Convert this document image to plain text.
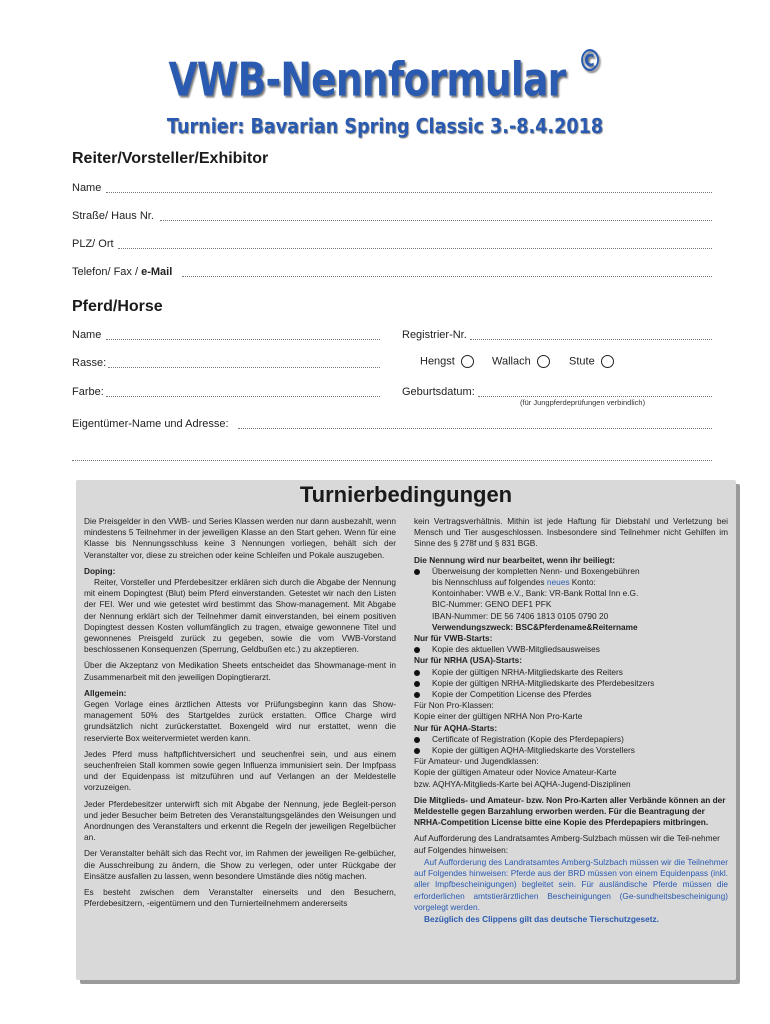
VWB-Nennformular ©
Turnier: Bavarian Spring Classic 3.-8.4.2018
Reiter/Vorsteller/Exhibitor
Name
Straße/ Haus Nr.
PLZ/ Ort
Telefon/ Fax / e-Mail
Pferd/Horse
Name	Registrier-Nr.
Rasse:	Hengst	Wallach	Stute
Farbe:	Geburtsdatum:
(für Jungpferdeprüfungen verbindlich)
Eigentümer-Name und Adresse:
Turnierbedingungen

Die Preisgelder in den VWB- und Series Klassen werden nur dann ausbezahlt, wenn mindestens 5 Teilnehmer in der jeweiligen Klasse an den Start gehen. Wenn für eine Klasse bis Nennungsschluss keine 3 Nennungen vorliegen, behält sich der Veranstalter vor, diese zu streichen oder keine Schleifen und Pokale auszugeben.

Doping:

Reiter, Vorsteller und Pferdebesitzer erklären sich durch die Abgabe der Nennung mit einem Dopingtest (Blut) beim Pferd einverstanden. Getestet wir nach den Listen der FEI. Wer und wie getestet wird bestimmt das Show-management. Mit Abgabe der Nennung erklärt sich der Teilnehmer damit einverstanden, bei einem positiven Dopingtest dessen Kosten vollumfänglich zu tragen, etwaige gewonnene Titel und gewonnenes Preisgeld zurück zu gegeben, sowie die vom VWB-Vorstand beschlossenen Konsequenzen (Sperrung, Geldbußen etc.) zu akzeptieren.

Über die Akzeptanz von Medikation Sheets entscheidet das Showmanage-ment in Zusammenarbeit mit den jeweiligen Dopingtierarzt.

Allgemein:

Gegen Vorlage eines ärztlichen Attests vor Prüfungsbeginn kann das Show-management 50% des Startgeldes zurück erstatten. Office Charge wird grundsätzlich nicht zurückerstattet. Boxengeld wird nur erstattet, wenn die reservierte Box weitervermietet werden kann.

Jedes Pferd muss haftpflichtversichert und seuchenfrei sein, und aus einem seuchenfreien Stall kommen sowie gegen Influenza immunisiert sein. Der Impfpass und der Equidenpass ist mitzuführen und auf Verlangen an der Meldestelle vorzuzeigen.

Jeder Pferdebesitzer unterwirft sich mit Abgabe der Nennung, jede Begleit-person und jeder Besucher beim Betreten des Veranstaltungsgeländes den Weisungen und Anordnungen des Veranstalters und erkennt die Regeln der jeweiligen Regelbücher an.

Der Veranstalter behält sich das Recht vor, im Rahmen der jeweiligen Re-gelbücher, die Ausschreibung zu ändern, die Show zu verlegen, oder unter Rückgabe der Einsätze ausfallen zu lassen, wenn besondere Umstände dies nötig machen.

Es besteht zwischen dem Veranstalter einerseits und den Besuchern, Pferdebesitzern, -eigentümern und den Turnierteilnehmern andererseits

kein Vertragsverhältnis. Mithin ist jede Haftung für Diebstahl und Verletzung bei Mensch und Tier ausgeschlossen. Insbesondere sind Teilnehmer nicht Gehilfen im Sinne des § 278f und § 831 BGB.

Die Nennung wird nur bearbeitet, wenn ihr beiliegt:
Überweisung der kompletten Nenn- und Boxengebühren
bis Nennschluss auf folgendes neues Konto:
Kontoinhaber: VWB e.V., Bank: VR-Bank Rottal Inn e.G.
BIC-Nummer: GENO DEF1 PFK
IBAN-Nummer: DE 56 7406 1813 0105 0790 20
Verwendungszweck: BSC&Pferdename&Reitername
Nur für VWB-Starts:
Kopie des aktuellen VWB-Mitgliedsausweises
Nur für NRHA (USA)-Starts:
Kopie der gültigen NRHA-Mitgliedskarte des Reiters
Kopie der gültigen NRHA-Mitgliedskarte des Pferdebesitzers
Kopie der Competition License des Pferdes
Für Non Pro-Klassen:
Kopie einer der gültigen NRHA Non Pro-Karte
Nur für AQHA-Starts:
Certificate of Registration (Kopie des Pferdepapiers)
Kopie der gültigen AQHA-Mitgliedskarte des Vorstellers
Für Amateur- und Jugendklassen:
Kopie der gültigen Amateur oder Novice Amateur-Karte

bzw. AQHYA-Mitglieds-Karte bei AQHA-Jugend-Disziplinen

Die Mitglieds- und Amateur- bzw. Non Pro-Karten aller Verbände können an der Meldestelle gegen Barzahlung erworben werden. Für die Beantragung der NRHA-Competition License bitte eine Kopie des Pferdepapiers mitbringen.

Auf Aufforderung des Landratsamtes Amberg-Sulzbach müssen wir die Teil-nehmer auf Folgendes hinweisen:

Auf Aufforderung des Landratsamtes Amberg-Sulzbach müssen wir die Teilnehmer auf Folgendes hinweisen: Pferde aus der BRD müssen von einem Equidenpass (inkl. aller Impfbescheinigungen) begleitet sein. Für ausländische Pferde müssen die erforderlichen amtstierärztlichen Bescheinigungen (Ge-sundheitsbescheinigung) vorgelegt werden.

Bezüglich des Clippens gilt das deutsche Tierschutzgesetz.
